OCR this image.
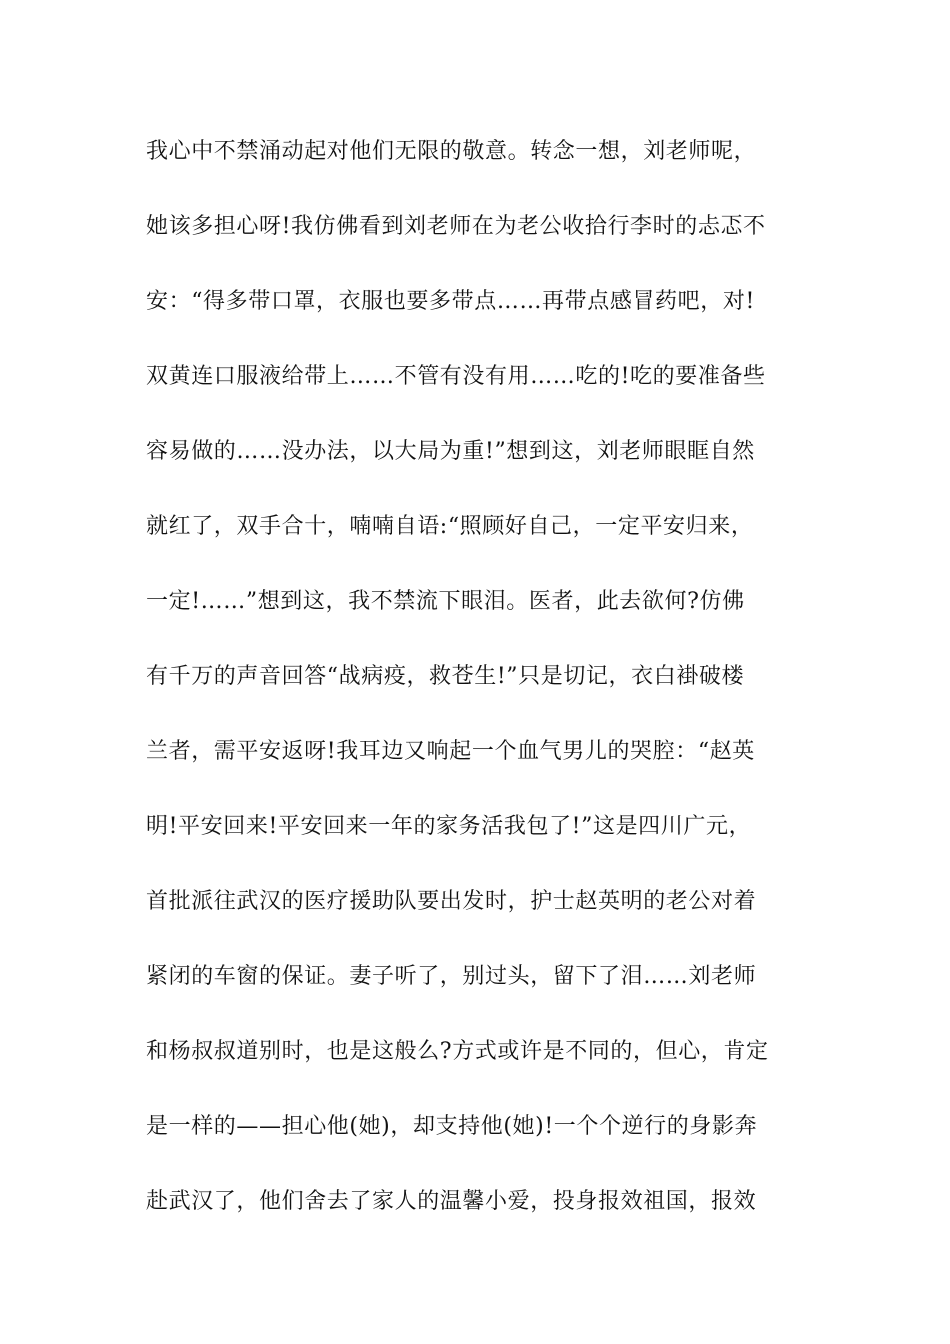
我心中不禁涌动起对他们无限的敬意。转念一想，刘老师呢，
她该多担心呀!我仿佛看到刘老师在为老公收拾行李时的忐忑不
安：“得多带口罩，衣服也要多带点……再带点感冒药吧，对!
双黄连口服液给带上……不管有没有用……吃的!吃的要准备些
容易做的……没办法，以大局为重!”想到这，刘老师眼眶自然
就红了，双手合十，喃喃自语:“照顾好自己，一定平安归来，
一定!……”想到这，我不禁流下眼泪。医者，此去欲何?仿佛
有千万的声音回答“战病疫，救苍生!”只是切记，衣白褂破楼
兰者，需平安返呀!我耳边又响起一个血气男儿的哭腔：“赵英
明!平安回来!平安回来一年的家务活我包了!”这是四川广元，
首批派往武汉的医疗援助队要出发时，护士赵英明的老公对着
紧闭的车窗的保证。妻子听了，别过头，留下了泪……刘老师
和杨叔叔道别时，也是这般么?方式或许是不同的，但心，肯定
是一样的——担心他(她)，却支持他(她)!一个个逆行的身影奔
赴武汉了，他们舍去了家人的温馨小爱，投身报效祖国，报效
